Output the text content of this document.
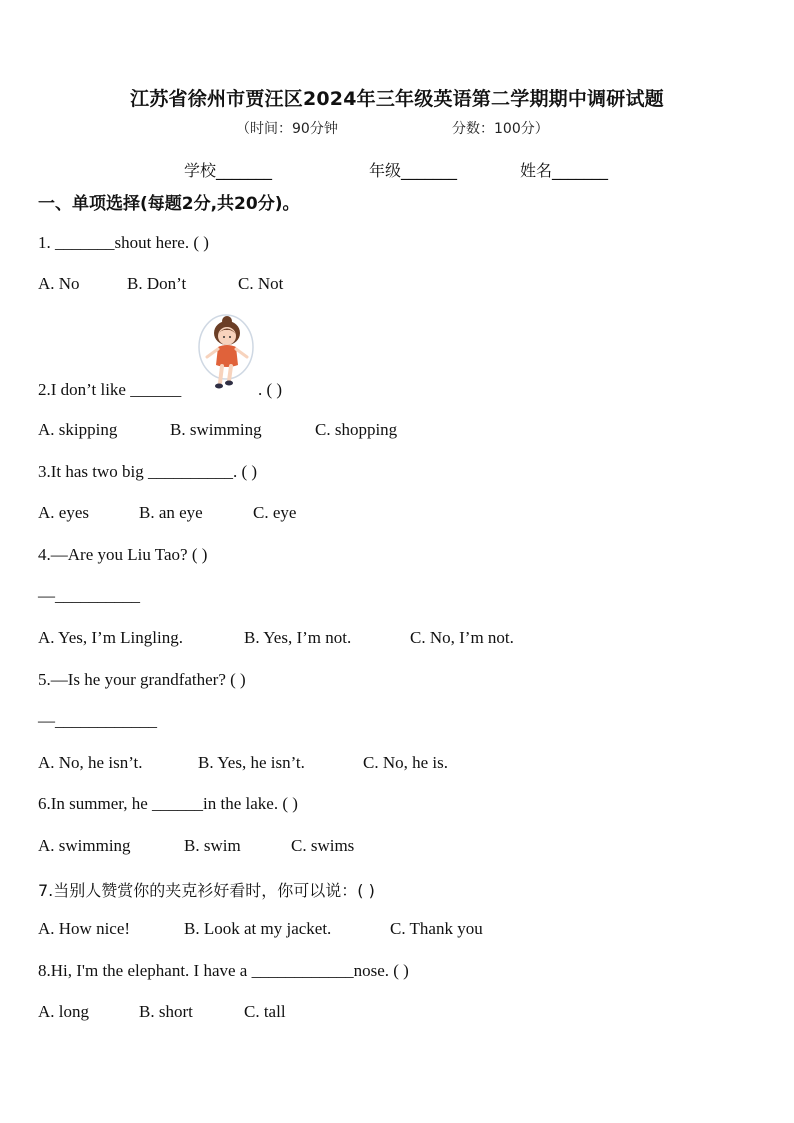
江苏省徐州市贾汪区2024年三年级英语第二学期期中调研试题
（时间：90分钟	分数：100分）
学校_______	年级_______	姓名_______
一、单项选择(每题2分,共20分)。
1. _______shout here. ( )
A. No	B. Don’t	C. Not
2.I don’t like ______	. ( )
A. skipping	B. swimming	C. shopping
3.It has two big __________. ( )
A. eyes	B. an eye	C. eye
4.—Are you Liu Tao? ( )
—__________
A. Yes, I’m Lingling.	B. Yes, I’m not.	C. No, I’m not.
5.—Is he your grandfather? ( )
—____________
A. No, he isn’t.	B. Yes, he isn’t.	C. No, he is.
6.In summer, he ______in the lake. ( )
A. swimming	B. swim	C. swims
7.当别人赞赏你的夹克衫好看时，你可以说：( )
A. How nice!	B. Look at my jacket.	C. Thank you
8.Hi, I'm the elephant. I have a ____________nose. ( )
A. long	B. short	C. tall
